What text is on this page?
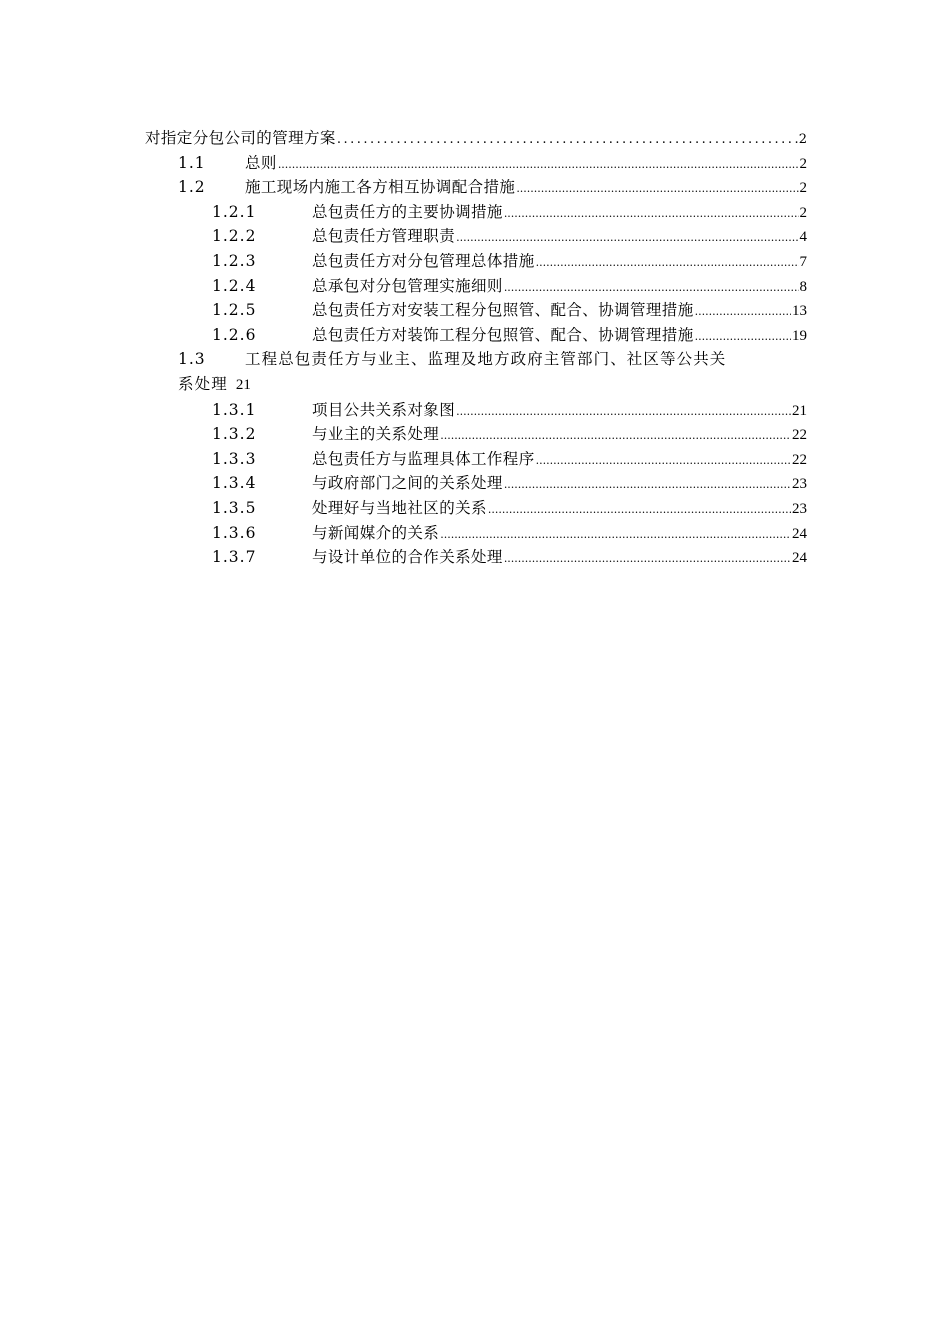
对指定分包公司的管理方案 .....	2
1.1	总则 .....	2
1.2	施工现场内施工各方相互协调配合措施 .....	2
1.2.1	总包责任方的主要协调措施 .....	2
1.2.2	总包责任方管理职责 .....	4
1.2.3	总包责任方对分包管理总体措施 .....	7
1.2.4	总承包对分包管理实施细则 .....	8
1.2.5	总包责任方对安装工程分包照管、配合、协调管理措施 .....	13
1.2.6	总包责任方对装饰工程分包照管、配合、协调管理措施 .....	19
1.3	工程总包责任方与业主、监理及地方政府主管部门、社区等公共关
系处理 21
1.3.1	项目公共关系对象图 .....	21
1.3.2	与业主的关系处理 .....	22
1.3.3	总包责任方与监理具体工作程序 .....	22
1.3.4	与政府部门之间的关系处理 .....	23
1.3.5	处理好与当地社区的关系 .....	23
1.3.6	与新闻媒介的关系 .....	24
1.3.7	与设计单位的合作关系处理 .....	24
